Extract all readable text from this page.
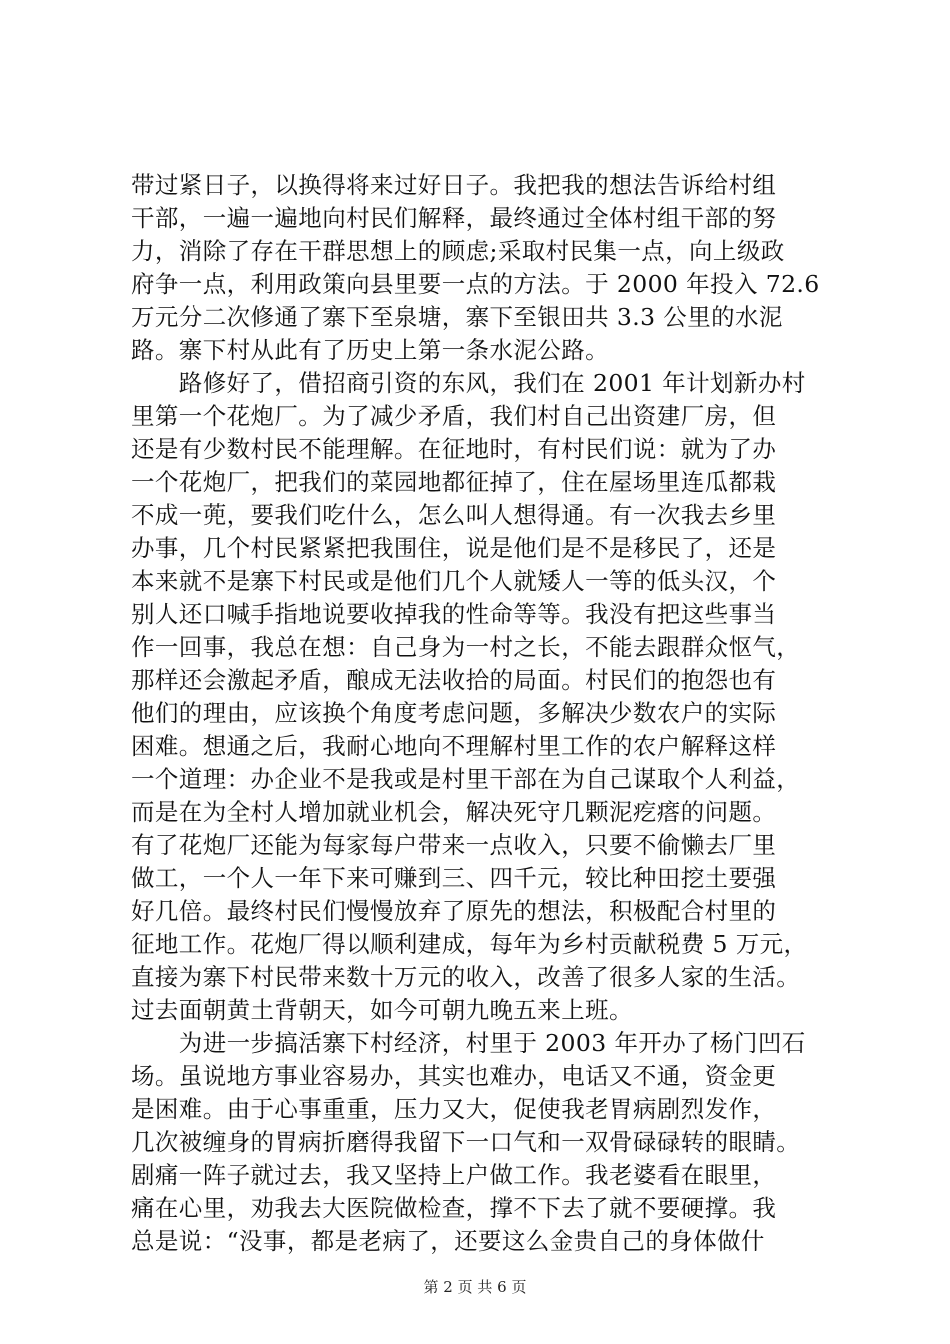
带过紧日子，以换得将来过好日子。我把我的想法告诉给村组
干部，一遍一遍地向村民们解释，最终通过全体村组干部的努
力，消除了存在干群思想上的顾虑;采取村民集一点，向上级政
府争一点，利用政策向县里要一点的方法。于 2000 年投入 72.6
万元分二次修通了寨下至泉塘，寨下至银田共 3.3 公里的水泥
路。寨下村从此有了历史上第一条水泥公路。
　　路修好了，借招商引资的东风，我们在 2001 年计划新办村
里第一个花炮厂。为了减少矛盾，我们村自己出资建厂房，但
还是有少数村民不能理解。在征地时，有村民们说：就为了办
一个花炮厂，把我们的菜园地都征掉了，住在屋场里连瓜都栽
不成一蔸，要我们吃什么，怎么叫人想得通。有一次我去乡里
办事，几个村民紧紧把我围住，说是他们是不是移民了，还是
本来就不是寨下村民或是他们几个人就矮人一等的低头汉，个
别人还口喊手指地说要收掉我的性命等等。我没有把这些事当
作一回事，我总在想：自己身为一村之长，不能去跟群众怄气，
那样还会激起矛盾，酿成无法收拾的局面。村民们的抱怨也有
他们的理由，应该换个角度考虑问题，多解决少数农户的实际
困难。想通之后，我耐心地向不理解村里工作的农户解释这样
一个道理：办企业不是我或是村里干部在为自己谋取个人利益，
而是在为全村人增加就业机会，解决死守几颗泥疙瘩的问题。
有了花炮厂还能为每家每户带来一点收入，只要不偷懒去厂里
做工，一个人一年下来可赚到三、四千元，较比种田挖土要强
好几倍。最终村民们慢慢放弃了原先的想法，积极配合村里的
征地工作。花炮厂得以顺利建成，每年为乡村贡献税费 5 万元，
直接为寨下村民带来数十万元的收入，改善了很多人家的生活。
过去面朝黄土背朝天，如今可朝九晚五来上班。
　　为进一步搞活寨下村经济，村里于 2003 年开办了杨门凹石
场。虽说地方事业容易办，其实也难办，电话又不通，资金更
是困难。由于心事重重，压力又大，促使我老胃病剧烈发作，
几次被缠身的胃病折磨得我留下一口气和一双骨碌碌转的眼睛。
剧痛一阵子就过去，我又坚持上户做工作。我老婆看在眼里，
痛在心里，劝我去大医院做检查，撑不下去了就不要硬撑。我
总是说：“没事，都是老病了，还要这么金贵自己的身体做什
第 2 页 共 6 页
